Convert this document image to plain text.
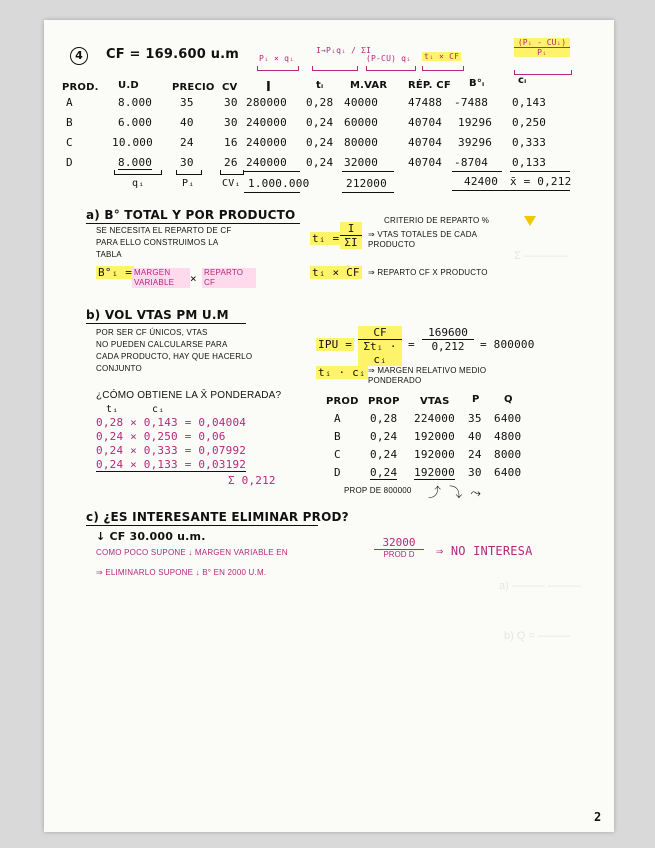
Σ ————
a) ——— ———
b) Q = ———
4	CF = 169.600 u.m Pᵢ × qᵢ
I→Pᵢqᵢ / ΣI
(P-CU) qᵢ tᵢ × CF
(Pᵢ - CUᵢ)
Pᵢ
PROD. U.D	PRECIO CV I	tᵢ	M.VAR RÉP. CF B°ᵢ	cᵢ
A	8.000	35	30 280000 0,28 40000	47488 -7488 0,143
B	6.000	40	30 240000 0,24 60000	40704 19296 0,250
C	10.000 24	16 240000 0,24 80000	40704 39296 0,333
D	8.000	30	26 240000 0,24 32000	40704 -8704 0,133
qᵢ	Pᵢ	CVᵢ 1.000.000	212000	42400 x̄ = 0,212
a) B° TOTAL Y POR PRODUCTO
SE NECESITA EL REPARTO DE CF
PARA ELLO CONSTRUIMOS LA
TABLA
B°ᵢ = MARGEN VARIABLE	× REPARTO CF
tᵢ = $\frac{I}{\Sigma I}$ ⇒ VTAS TOTALES DE CADA PRODUCTO
CRITERIO DE REPARTO %
tᵢ × CF ⇒ REPARTO CF X PRODUCTO
b) VOL VTAS PM U.M
POR SER CF ÚNICOS, VTAS
NO PUEDEN CALCULARSE PARA
CADA PRODUCTO, HAY QUE HACERLO
CONJUNTO
IPU =
CF
Σtᵢ · cᵢ
= $\frac{169600}{0,212} = 800000$
tᵢ · cᵢ ⇒ MARGEN RELATIVO MEDIO PONDERADO
¿CÓMO OBTIENE LA X̄ PONDERADA?
tᵢ	cᵢ
0,28 × 0,143 = 0,04004
0,24 × 0,250 = 0,06
0,24 × 0,333 = 0,07992
0,24 × 0,133 = 0,03192
Σ 0,212
PROD PROP VTAS P Q
A	0,28 224000 35 6400
B	0,24 192000 40 4800
C	0,24 192000 24 8000
D	0,24 192000 30 6400
PROP DE 800000 ⤴ ⤵ ⤳
c) ¿ES INTERESANTE ELIMINAR PROD?
↓ CF 30.000 u.m.
COMO POCO SUPONE ↓ MARGEN VARIABLE EN
32000
PROD D	⇒ NO INTERESA
⇒ ELIMINARLO SUPONE ↓ B° EN 2000 U.M.
2
